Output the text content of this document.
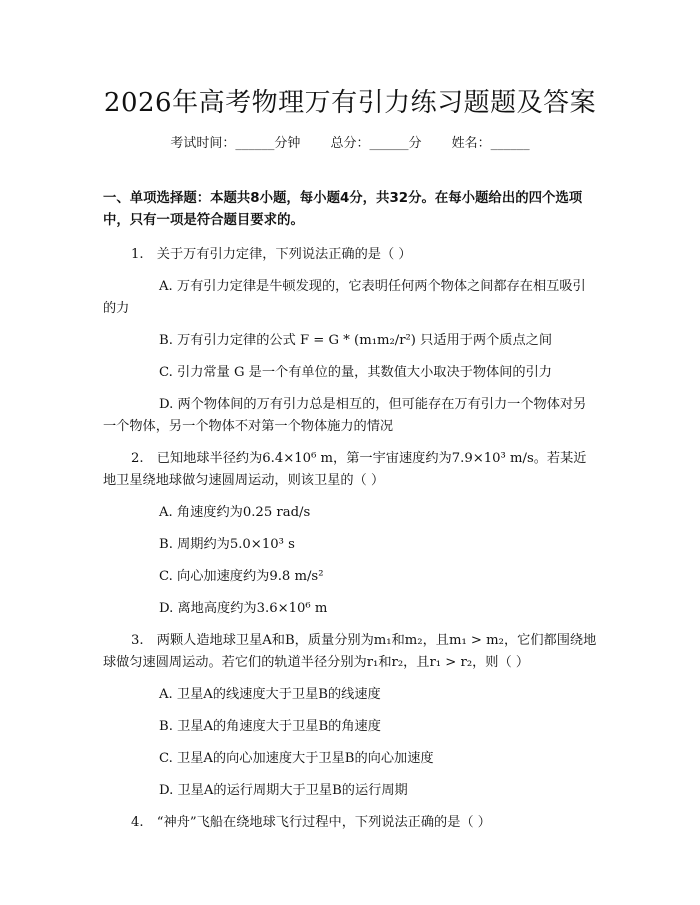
2026年高考物理万有引力练习题题及答案
考试时间：______分钟 总分：______分 姓名：______
一、单项选择题：本题共8小题，每小题4分，共32分。在每小题给出的四个选项中，只有一项是符合题目要求的。
1.　关于万有引力定律，下列说法正确的是（ ）
A. 万有引力定律是牛顿发现的，它表明任何两个物体之间都存在相互吸引的力
B. 万有引力定律的公式 F = G * (m₁m₂/r²) 只适用于两个质点之间
C. 引力常量 G 是一个有单位的量，其数值大小取决于物体间的引力
D. 两个物体间的万有引力总是相互的，但可能存在万有引力一个物体对另一个物体，另一个物体不对第一个物体施力的情况
2.　已知地球半径约为6.4×10⁶ m，第一宇宙速度约为7.9×10³ m/s。若某近地卫星绕地球做匀速圆周运动，则该卫星的（ ）
A. 角速度约为0.25 rad/s
B. 周期约为5.0×10³ s
C. 向心加速度约为9.8 m/s²
D. 离地高度约为3.6×10⁶ m
3.　两颗人造地球卫星A和B，质量分别为m₁和m₂，且m₁ > m₂，它们都围绕地球做匀速圆周运动。若它们的轨道半径分别为r₁和r₂，且r₁ > r₂，则（ ）
A. 卫星A的线速度大于卫星B的线速度
B. 卫星A的角速度大于卫星B的角速度
C. 卫星A的向心加速度大于卫星B的向心加速度
D. 卫星A的运行周期大于卫星B的运行周期
4.　“神舟”飞船在绕地球飞行过程中，下列说法正确的是（ ）
